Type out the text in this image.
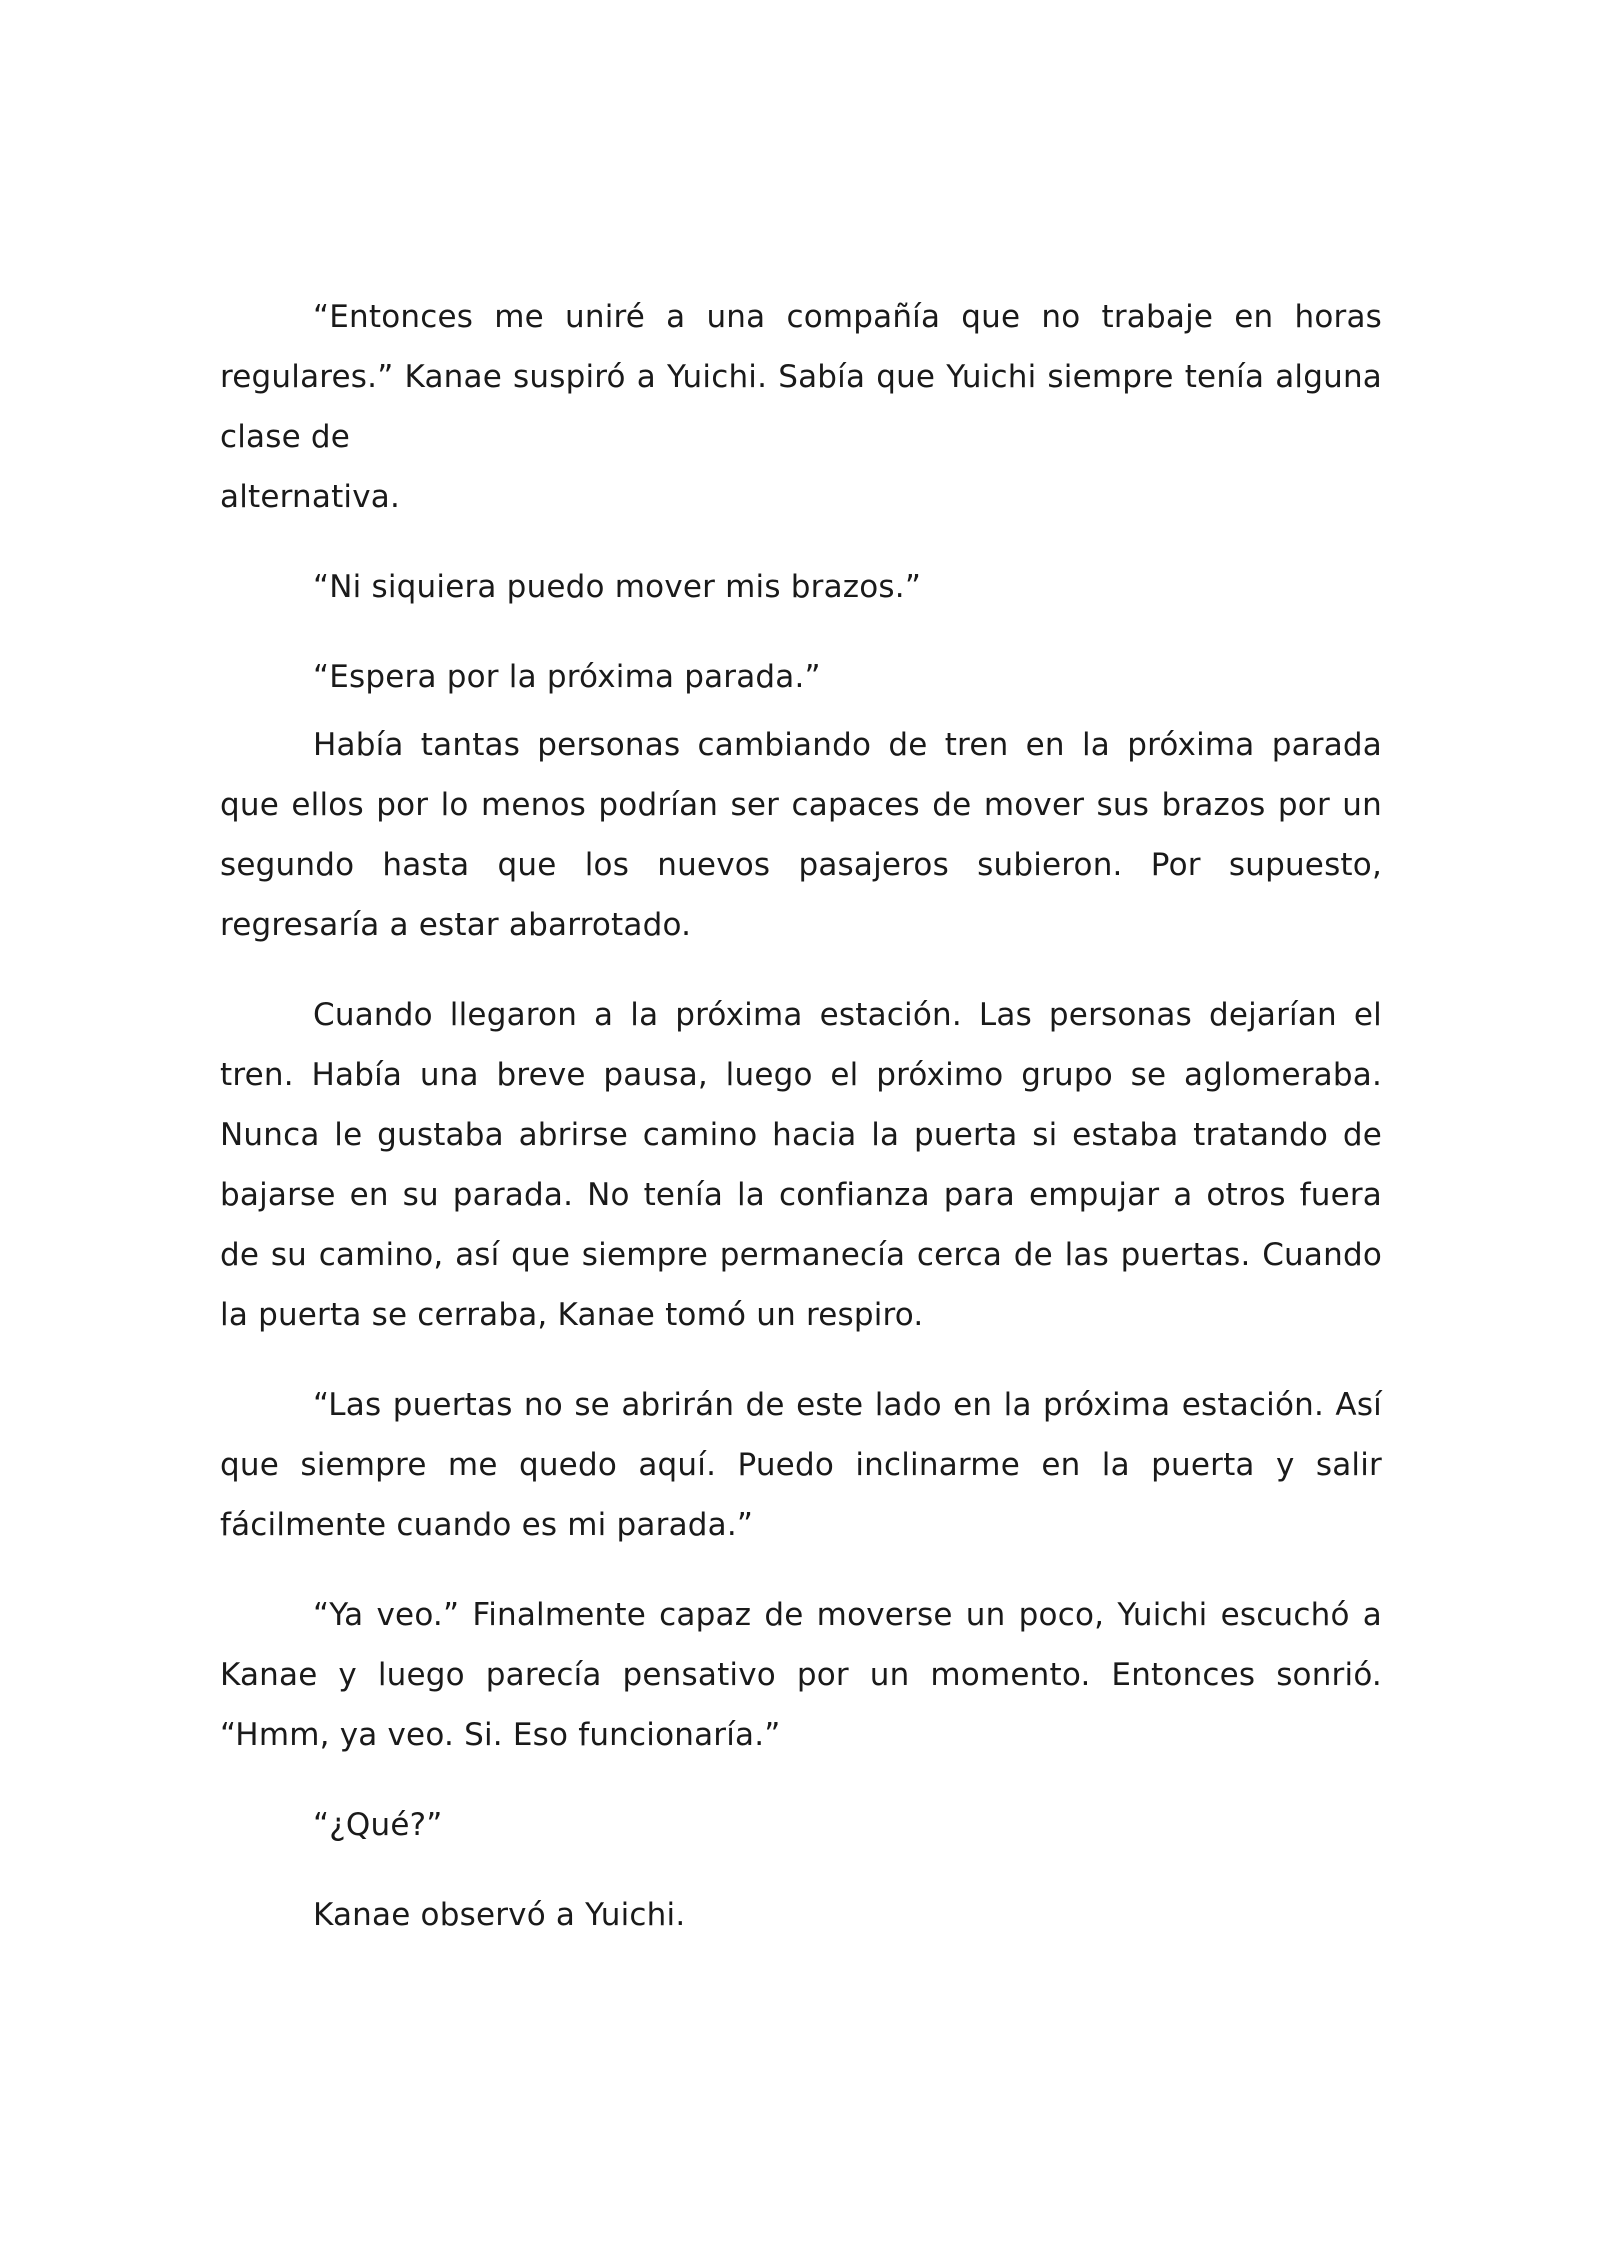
“Entonces me uniré a una compañía que no trabaje en horas regulares.” Kanae suspiró a Yuichi. Sabía que Yuichi siempre tenía alguna clase de

alternativa.

“Ni siquiera puedo mover mis brazos.”

“Espera por la próxima parada.”

Había tantas personas cambiando de tren en la próxima parada que ellos por lo menos podrían ser capaces de mover sus brazos por un segundo hasta que los nuevos pasajeros subieron. Por supuesto, regresaría a estar abarrotado.

Cuando llegaron a la próxima estación. Las personas dejarían el tren. Había una breve pausa, luego el próximo grupo se aglomeraba. Nunca le gustaba abrirse camino hacia la puerta si estaba tratando de bajarse en su parada. No tenía la confianza para empujar a otros fuera de su camino, así que siempre permanecía cerca de las puertas. Cuando la puerta se cerraba, Kanae tomó un respiro.

“Las puertas no se abrirán de este lado en la próxima estación. Así que siempre me quedo aquí. Puedo inclinarme en la puerta y salir fácilmente cuando es mi parada.”

“Ya veo.” Finalmente capaz de moverse un poco, Yuichi escuchó a Kanae y luego parecía pensativo por un momento. Entonces sonrió. “Hmm, ya veo. Si. Eso funcionaría.”

“¿Qué?”

Kanae observó a Yuichi.
